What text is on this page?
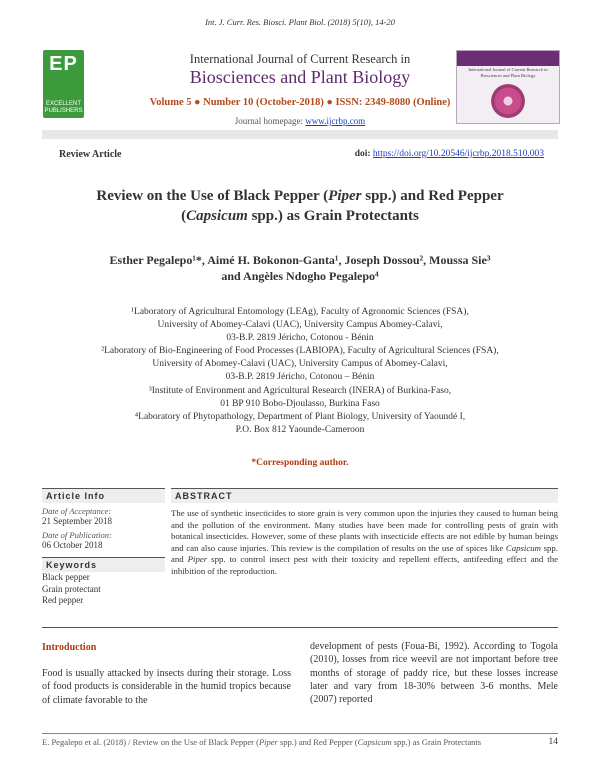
Int. J. Curr. Res. Biosci. Plant Biol. (2018) 5(10), 14-20
EP
EXCELLENT PUBLISHERS
International Journal of Current Research in Biosciences and Plant Biology
International Journal of Current Research in
Biosciences and Plant Biology
Volume 5 ● Number 10 (October-2018) ● ISSN: 2349-8080 (Online)
Journal homepage: www.ijcrbp.com
Review Article	doi: https://doi.org/10.20546/ijcrbp.2018.510.003
Review on the Use of Black Pepper (Piper spp.) and Red Pepper
(Capsicum spp.) as Grain Protectants
Esther Pegalepo¹*, Aimé H. Bokonon-Ganta¹, Joseph Dossou², Moussa Sie³
and Angèles Ndogho Pegalepo⁴

¹Laboratory of Agricultural Entomology (LEAg), Faculty of Agronomic Sciences (FSA),

University of Abomey-Calavi (UAC), University Campus Abomey-Calavi,

03-B.P. 2819 Jéricho, Cotonou - Bénin

²Laboratory of Bio-Engineering of Food Processes (LABIOPA), Faculty of Agricultural Sciences (FSA),

University of Abomey-Calavi (UAC), University Campus of Abomey-Calavi,

03-B.P. 2819 Jéricho, Cotonou – Bénin

³Institute of Environment and Agricultural Research (INERA) of Burkina-Faso,

01 BP 910 Bobo-Djoulasso, Burkina Faso

⁴Laboratory of Phytopathology, Department of Plant Biology, University of Yaoundé I,

P.O. Box 812 Yaounde-Cameroon

*Corresponding author.
Article Info
Date of Acceptance:
21 September 2018
Date of Publication:
06 October 2018
Keywords
Black pepper
Grain protectant
Red pepper
ABSTRACT
The use of synthetic insecticides to store grain is very common upon the injuries they caused to human being and the pollution of the environment. Many studies have been made for controlling pests of grain with botanical insecticides. However, some of these plants with insecticide effects are not edible by human beings and can also cause injuries. This review is the compilation of results on the use of spices like Capsicum spp. and Piper spp. to control insect pest with their toxicity and repellent effects, antifeeding effect and the inhibition of the reproduction.
Introduction
Food is usually attacked by insects during their storage. Loss of food products is considerable in the humid tropics because of climate favorable to the
development of pests (Foua-Bi, 1992). According to Togola (2010), losses from rice weevil are not important before tree months of storage of paddy rice, but these losses increase later and vary from 18-30% between 3-6 months. Mele (2007) reported
E. Pegalepo et al. (2018) / Review on the Use of Black Pepper (Piper spp.) and Red Pepper (Capsicum spp.) as Grain Protectants	14
